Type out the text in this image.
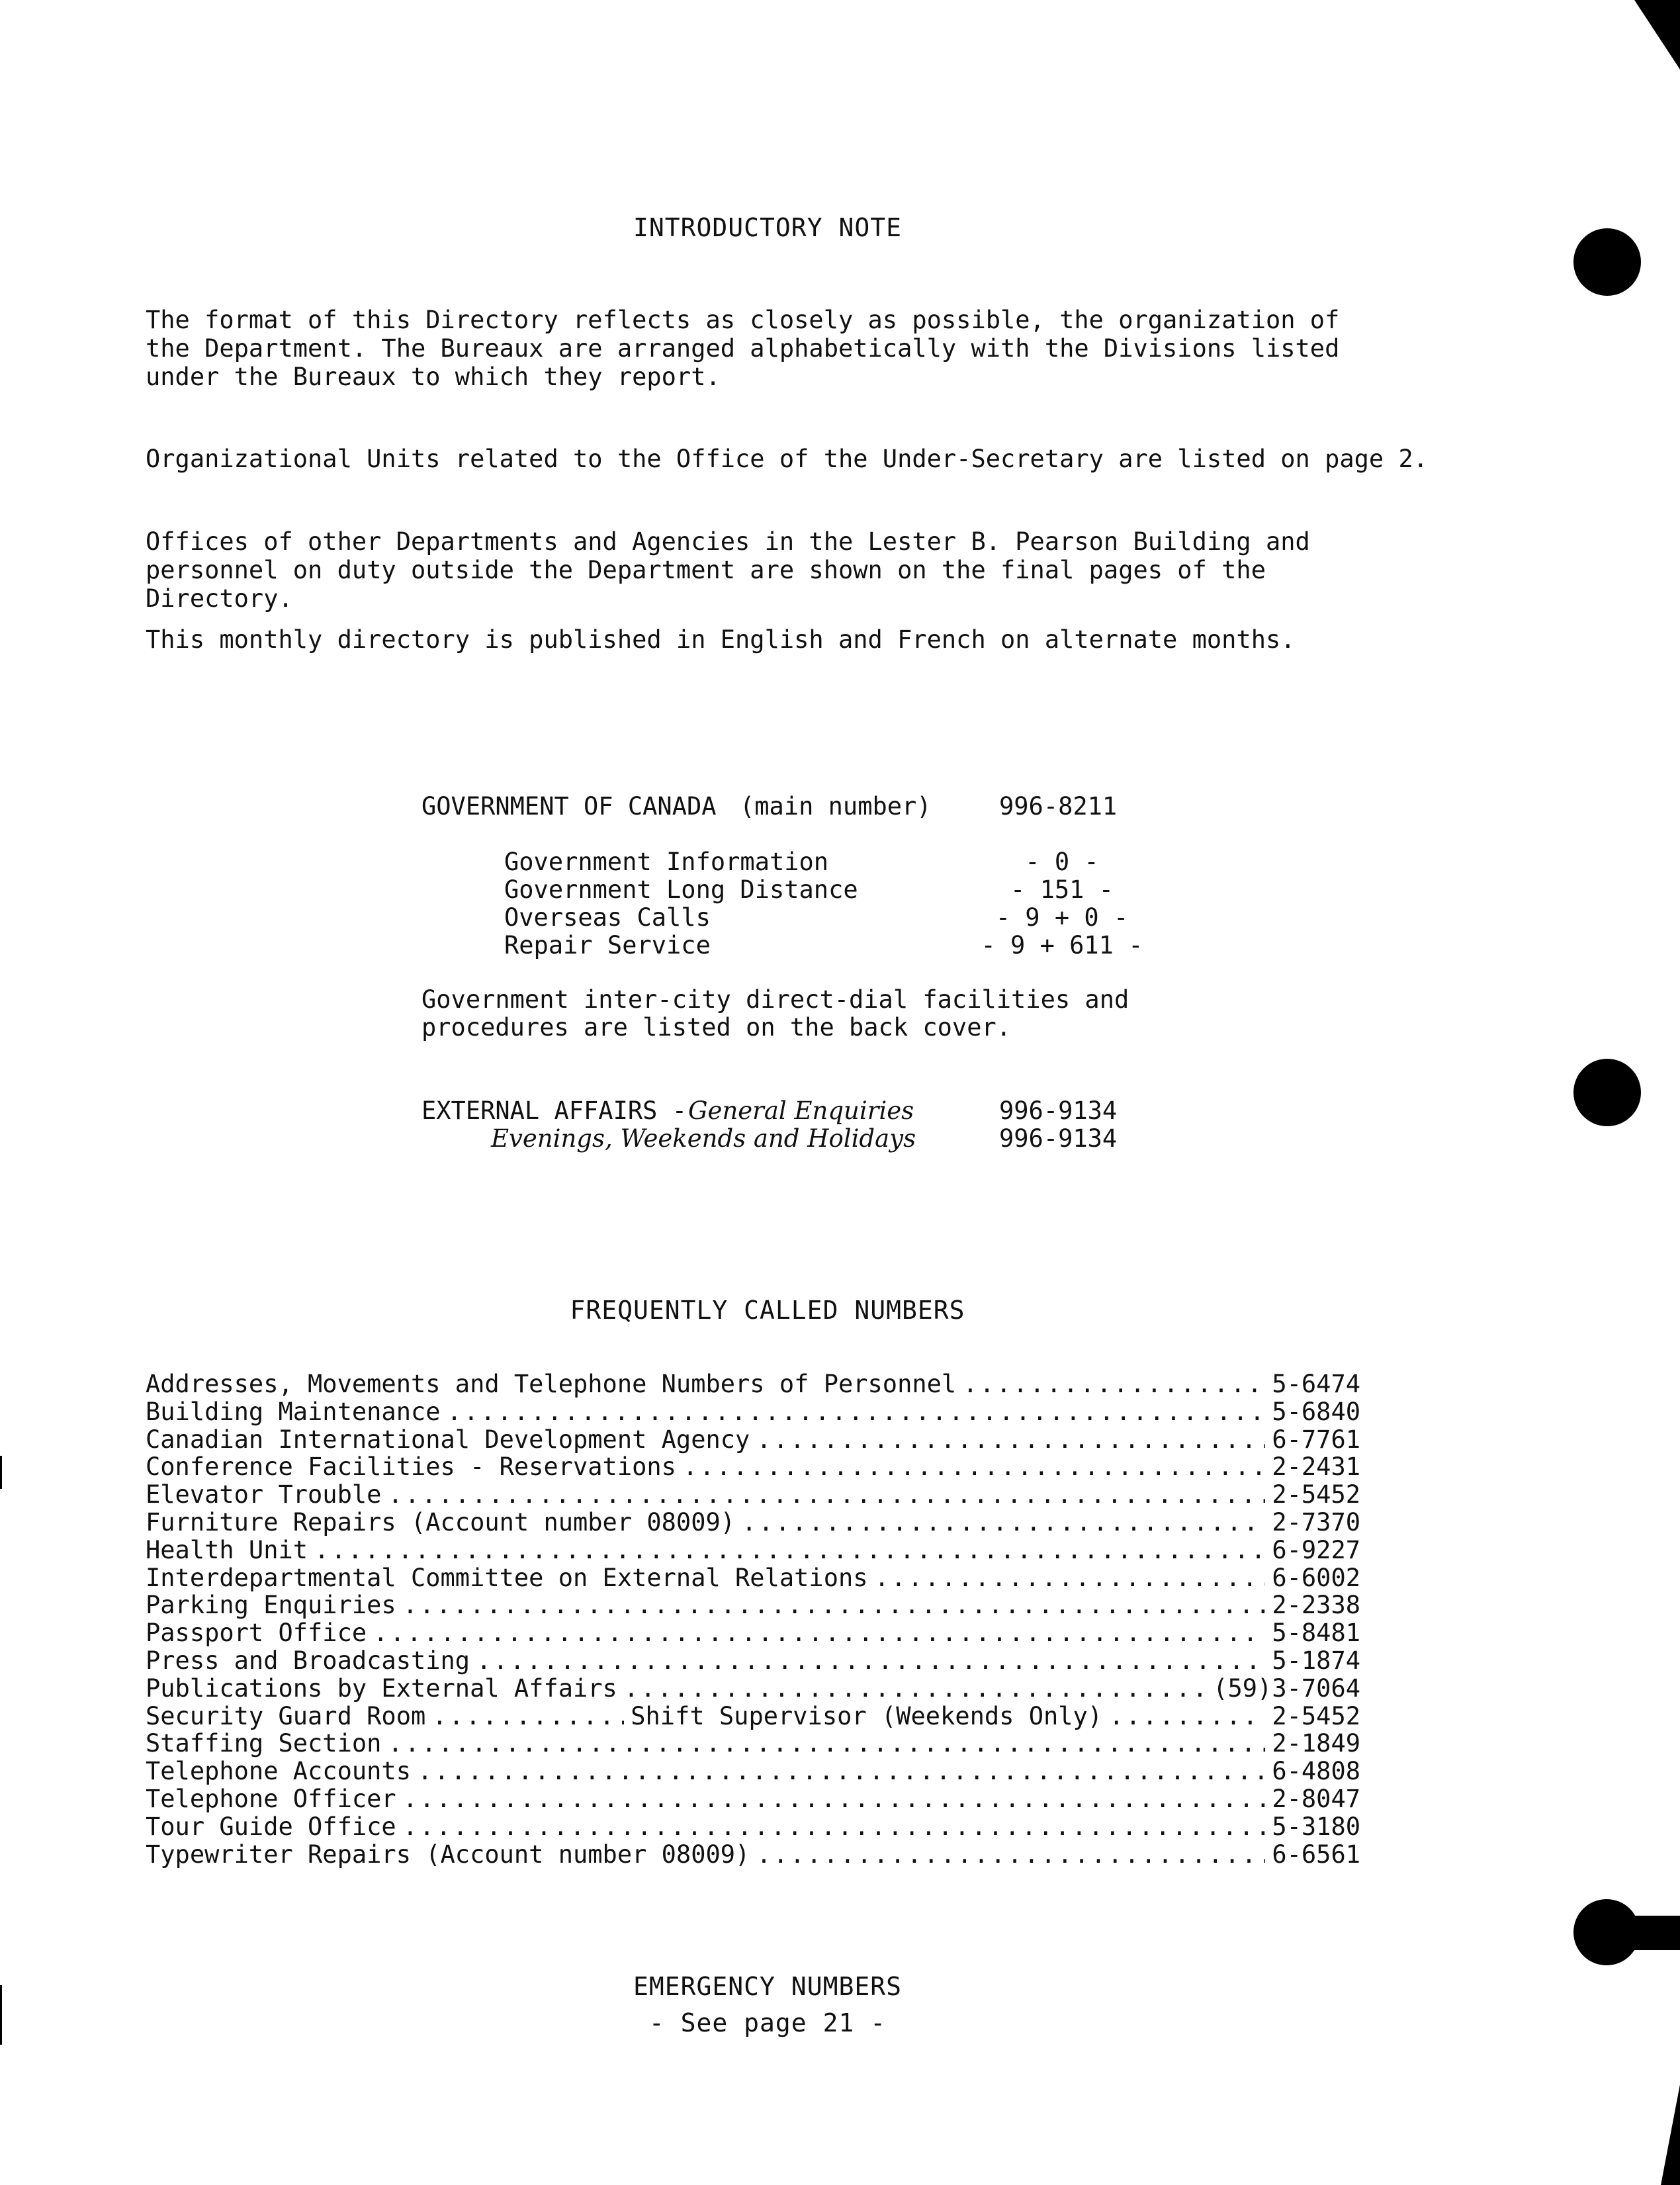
INTRODUCTORY NOTE
The format of this Directory reflects as closely as possible, the organization of the Department. The Bureaux are arranged alphabetically with the Divisions listed under the Bureaux to which they report.
Organizational Units related to the Office of the Under-Secretary are listed on page 2.
Offices of other Departments and Agencies in the Lester B. Pearson Building and personnel on duty outside the Department are shown on the final pages of the Directory.
This monthly directory is published in English and French on alternate months.
GOVERNMENT OF CANADA (main number)	996-8211
Government Information	- 0 -
Government Long Distance	- 151 -
Overseas Calls	- 9 + 0 -
Repair Service	- 9 + 611 -
Government inter-city direct-dial facilities and
procedures are listed on the back cover.
EXTERNAL AFFAIRS - General Enquiries	996-9134
Evenings, Weekends and Holidays	996-9134
FREQUENTLY CALLED NUMBERS
Addresses, Movements and Telephone Numbers of Personnel .....	5-6474
Building Maintenance .....	5-6840
Canadian International Development Agency .....	6-7761
Conference Facilities - Reservations .....	2-2431
Elevator Trouble .....	2-5452
Furniture Repairs (Account number 08009) .....	2-7370
Health Unit .....	6-9227
Interdepartmental Committee on External Relations .....	6-6002
Parking Enquiries .....	2-2338
Passport Office .....	5-8481
Press and Broadcasting .....	5-1874
Publications by External Affairs .....	(59)3-7064
Security Guard Room .....	Shift Supervisor (Weekends Only) .....	2-5452
Staffing Section .....	2-1849
Telephone Accounts .....	6-4808
Telephone Officer .....	2-8047
Tour Guide Office .....	5-3180
Typewriter Repairs (Account number 08009) .....	6-6561
EMERGENCY NUMBERS
- See page 21 -
